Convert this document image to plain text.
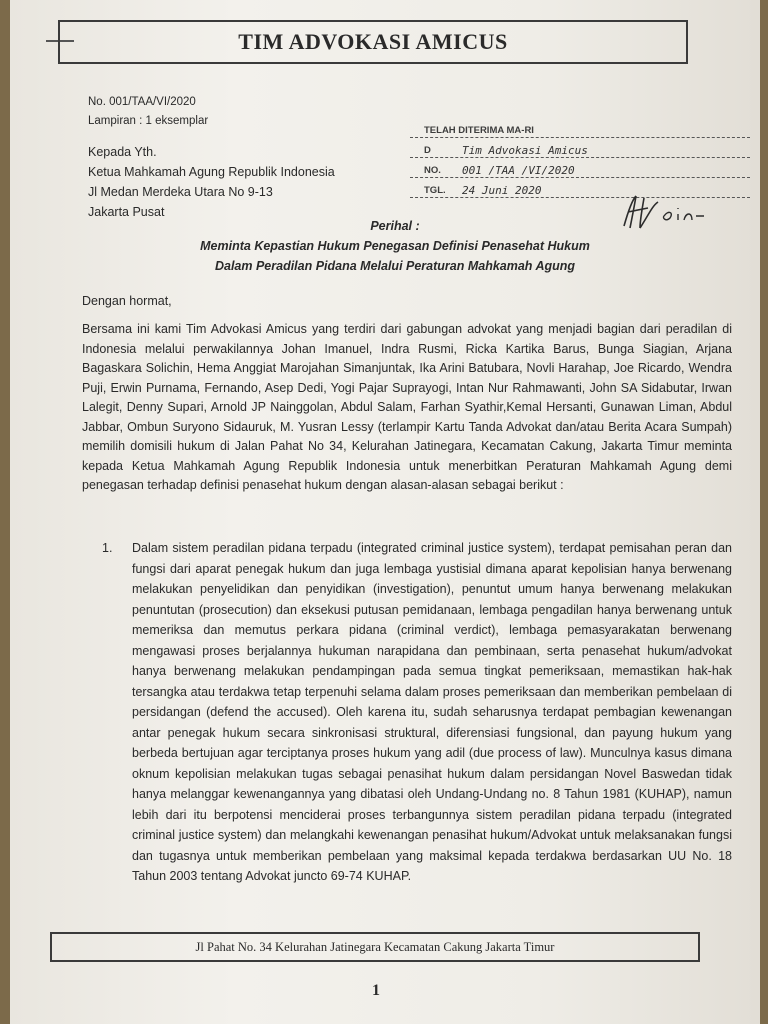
TIM ADVOKASI AMICUS
No. 001/TAA/VI/2020
Lampiran : 1 eksemplar
Kepada Yth.
Ketua Mahkamah Agung Republik Indonesia
Jl Medan Merdeka Utara No 9-13
Jakarta Pusat
TELAH DITERIMA MA-RI
D	Tim Advokasi Amicus
NO. 001 /TAA /VI/2020
TGL. 24 Juni 2020
Perihal :
Meminta Kepastian Hukum Penegasan Definisi Penasehat Hukum
Dalam Peradilan Pidana Melalui Peraturan Mahkamah Agung
Dengan hormat,
Bersama ini kami Tim Advokasi Amicus yang terdiri dari gabungan advokat yang menjadi bagian dari peradilan di Indonesia melalui perwakilannya Johan Imanuel, Indra Rusmi, Ricka Kartika Barus, Bunga Siagian, Arjana Bagaskara Solichin, Hema Anggiat Marojahan Simanjuntak, Ika Arini Batubara, Novli Harahap, Joe Ricardo, Wendra Puji, Erwin Purnama, Fernando, Asep Dedi, Yogi Pajar Suprayogi, Intan Nur Rahmawanti, John SA Sidabutar, Irwan Lalegit, Denny Supari, Arnold JP Nainggolan, Abdul Salam, Farhan Syathir,Kemal Hersanti, Gunawan Liman, Abdul Jabbar, Ombun Suryono Sidauruk, M. Yusran Lessy (terlampir Kartu Tanda Advokat dan/atau Berita Acara Sumpah) memilih domisili hukum di Jalan Pahat No 34, Kelurahan Jatinegara, Kecamatan Cakung, Jakarta Timur meminta kepada Ketua Mahkamah Agung Republik Indonesia untuk menerbitkan Peraturan Mahkamah Agung demi penegasan terhadap definisi penasehat hukum dengan alasan-alasan sebagai berikut :
1. Dalam sistem peradilan pidana terpadu (integrated criminal justice system), terdapat pemisahan peran dan fungsi dari aparat penegak hukum dan juga lembaga yustisial dimana aparat kepolisian hanya berwenang melakukan penyelidikan dan penyidikan (investigation), penuntut umum hanya berwenang melakukan penuntutan (prosecution) dan eksekusi putusan pemidanaan, lembaga pengadilan hanya berwenang untuk memeriksa dan memutus perkara pidana (criminal verdict), lembaga pemasyarakatan berwenang mengawasi proses berjalannya hukuman narapidana dan pembinaan, serta penasehat hukum/advokat hanya berwenang melakukan pendampingan pada semua tingkat pemeriksaan, memastikan hak-hak tersangka atau terdakwa tetap terpenuhi selama dalam proses pemeriksaan dan memberikan pembelaan di persidangan (defend the accused). Oleh karena itu, sudah seharusnya terdapat pembagian kewenangan antar penegak hukum secara sinkronisasi struktural, diferensiasi fungsional, dan payung hukum yang berbeda bertujuan agar terciptanya proses hukum yang adil (due process of law). Munculnya kasus dimana oknum kepolisian melakukan tugas sebagai penasihat hukum dalam persidangan Novel Baswedan tidak hanya melanggar kewenangannya yang dibatasi oleh Undang-Undang no. 8 Tahun 1981 (KUHAP), namun lebih dari itu berpotensi menciderai proses terbangunnya sistem peradilan pidana terpadu (integrated criminal justice system) dan melangkahi kewenangan penasihat hukum/Advokat untuk melaksanakan fungsi dan tugasnya untuk memberikan pembelaan yang maksimal kepada terdakwa berdasarkan UU No. 18 Tahun 2003 tentang Advokat juncto 69-74 KUHAP.
Jl Pahat No. 34 Kelurahan Jatinegara Kecamatan Cakung Jakarta Timur
1
